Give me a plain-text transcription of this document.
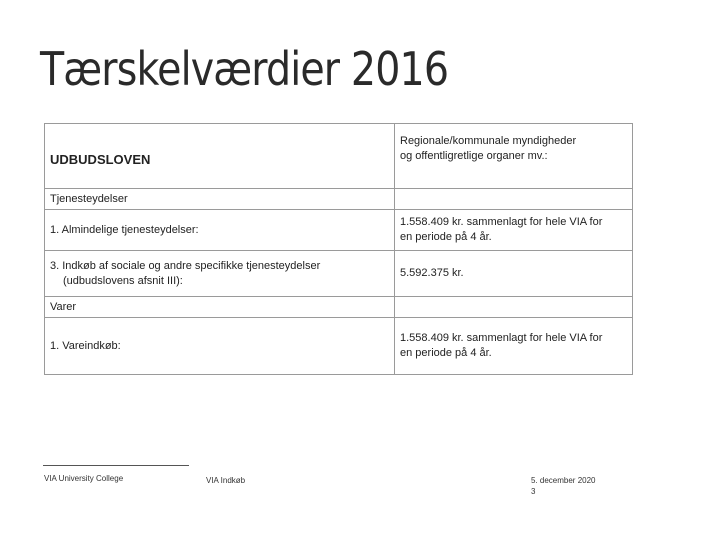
Tærskelværdier 2016
UDBUDSLOVEN	Regionale/kommunale myndigheder
og offentligretlige organer mv.:
Tjenesteydelser	
1. Almindelige tjenesteydelser:	1.558.409 kr. sammenlagt for hele VIA for
en periode på 4 år.
3. Indkøb af sociale og andre specifikke tjenesteydelser
(udbudslovens afsnit III):	5.592.375 kr.
Varer	
1. Vareindkøb:	1.558.409 kr. sammenlagt for hele VIA for
en periode på 4 år.
VIA University College	VIA Indkøb	5. december 2020
3
